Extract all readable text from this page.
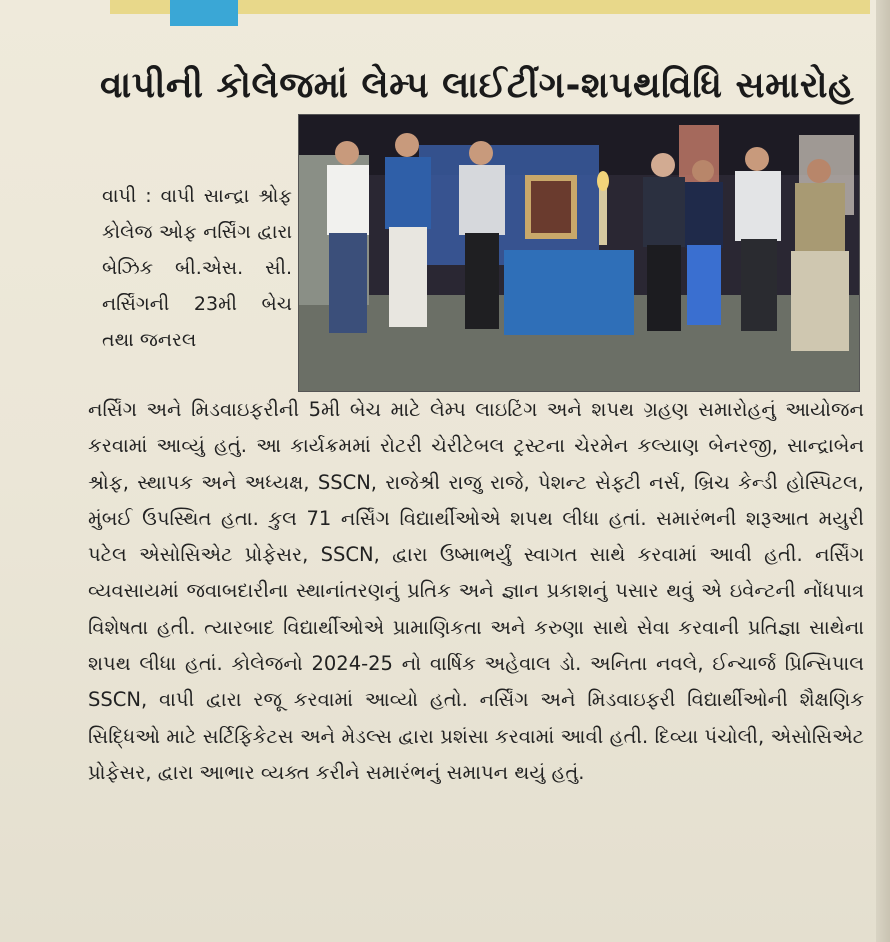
વાપીની કોલેજમાં લેમ્પ લાઈટીંગ-શપથવિધિ સમારોહ
વાપી : વાપી સાન્દ્રા શ્રોફ કોલેજ ઓફ નર્સિંગ દ્વારા બેઝિક બી.એસ. સી. નર્સિંગની 23મી બેચ તથા જનરલ
નર્સિંગ અને મિડવાઇફરીની 5મી બેચ માટે લેમ્પ લાઇટિંગ અને શપથ ગ્રહણ સમારોહનું આયોજન કરવામાં આવ્યું હતું. આ કાર્યક્રમમાં રોટરી ચેરીટેબલ ટ્રસ્ટના ચેરમેન કલ્યાણ બેનરજી, સાન્દ્રાબેન શ્રોફ, સ્થાપક અને અધ્યક્ષ, SSCN, રાજેશ્રી રાજુ રાજે, પેશન્ટ સેફ્ટી નર્સ, બ્રિચ કેન્ડી હોસ્પિટલ, મુંબઈ ઉપસ્થિત હતા. કુલ 71 નર્સિંગ વિદ્યાર્થીઓએ શપથ લીધા હતાં. સમારંભની શરૂઆત મયુરી પટેલ એસોસિએટ પ્રોફેસર, SSCN, દ્વારા ઉષ્માભર્યું સ્વાગત સાથે કરવામાં આવી હતી. નર્સિંગ વ્યવસાયમાં જવાબદારીના સ્થાનાંતરણનું પ્રતિક અને જ્ઞાન પ્રકાશનું પસાર થવું એ ઇવેન્ટની નોંધપાત્ર વિશેષતા હતી. ત્યારબાદ વિદ્યાર્થીઓએ પ્રામાણિકતા અને કરુણા સાથે સેવા કરવાની પ્રતિજ્ઞા સાથેના શપથ લીધા હતાં. કોલેજનો 2024-25 નો વાર્ષિક અહેવાલ ડો. અનિતા નવલે, ઈન્ચાર્જ પ્રિન્સિપાલ SSCN, વાપી દ્વારા રજૂ કરવામાં આવ્યો હતો. નર્સિંગ અને મિડવાઇફરી વિદ્યાર્થીઓની શૈક્ષણિક સિદ્ધિઓ માટે સર્ટિફિકેટસ અને મેડલ્સ દ્વારા પ્રશંસા કરવામાં આવી હતી. દિવ્યા પંચોલી, એસોસિએટ પ્રોફેસર, દ્વારા આભાર વ્યક્ત કરીને સમારંભનું સમાપન થયું હતું.
